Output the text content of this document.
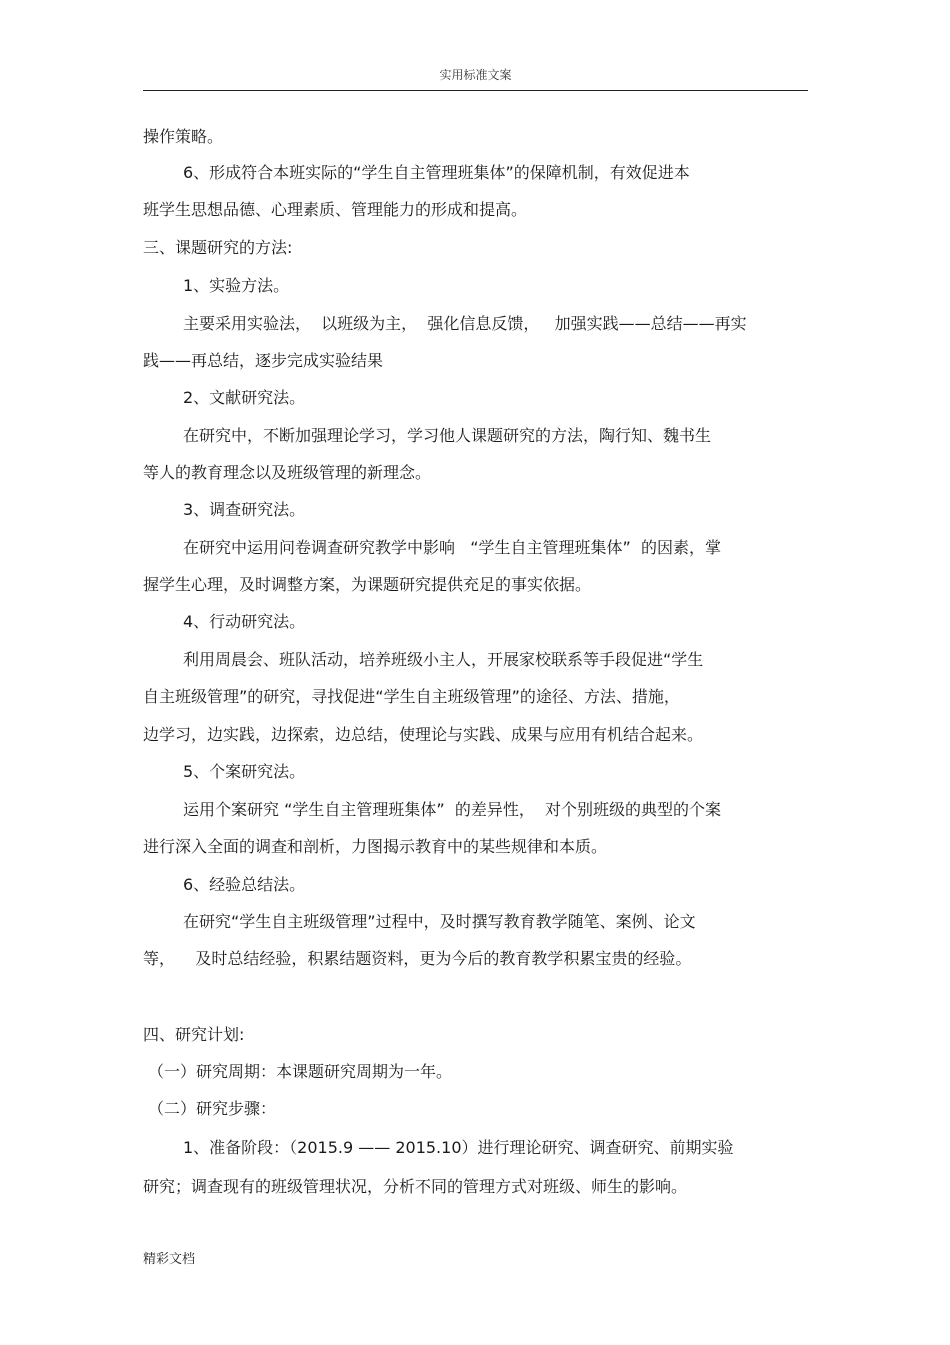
实用标准文案
操作策略。
6、形成符合本班实际的“学生自主管理班集体”的保障机制，有效促进本
班学生思想品德、心理素质、管理能力的形成和提高。
三、课题研究的方法:
1、实验方法。
主要采用实验法，  以班级为主，  强化信息反馈，   加强实践——总结——再实
践——再总结，逐步完成实验结果
2、文献研究法。
在研究中，不断加强理论学习，学习他人课题研究的方法，陶行知、魏书生
等人的教育理念以及班级管理的新理念。
3、调查研究法。
在研究中运用问卷调查研究教学中影响   “学生自主管理班集体”  的因素，掌
握学生心理，及时调整方案，为课题研究提供充足的事实依据。
4、行动研究法。
利用周晨会、班队活动，培养班级小主人，开展家校联系等手段促进“学生
自主班级管理”的研究，寻找促进“学生自主班级管理”的途径、方法、措施，
边学习，边实践，边探索，边总结，使理论与实践、成果与应用有机结合起来。
5、个案研究法。
运用个案研究 “学生自主管理班集体”  的差异性，  对个别班级的典型的个案
进行深入全面的调查和剖析，力图揭示教育中的某些规律和本质。
6、经验总结法。
在研究“学生自主班级管理”过程中，及时撰写教育教学随笔、案例、论文
等，    及时总结经验，积累结题资料，更为今后的教育教学积累宝贵的经验。
四、研究计划:
（一）研究周期：本课题研究周期为一年。
（二）研究步骤：
1、准备阶段：（2015.9 —— 2015.10）进行理论研究、调查研究、前期实验
研究；调查现有的班级管理状况，分析不同的管理方式对班级、师生的影响。
精彩文档
